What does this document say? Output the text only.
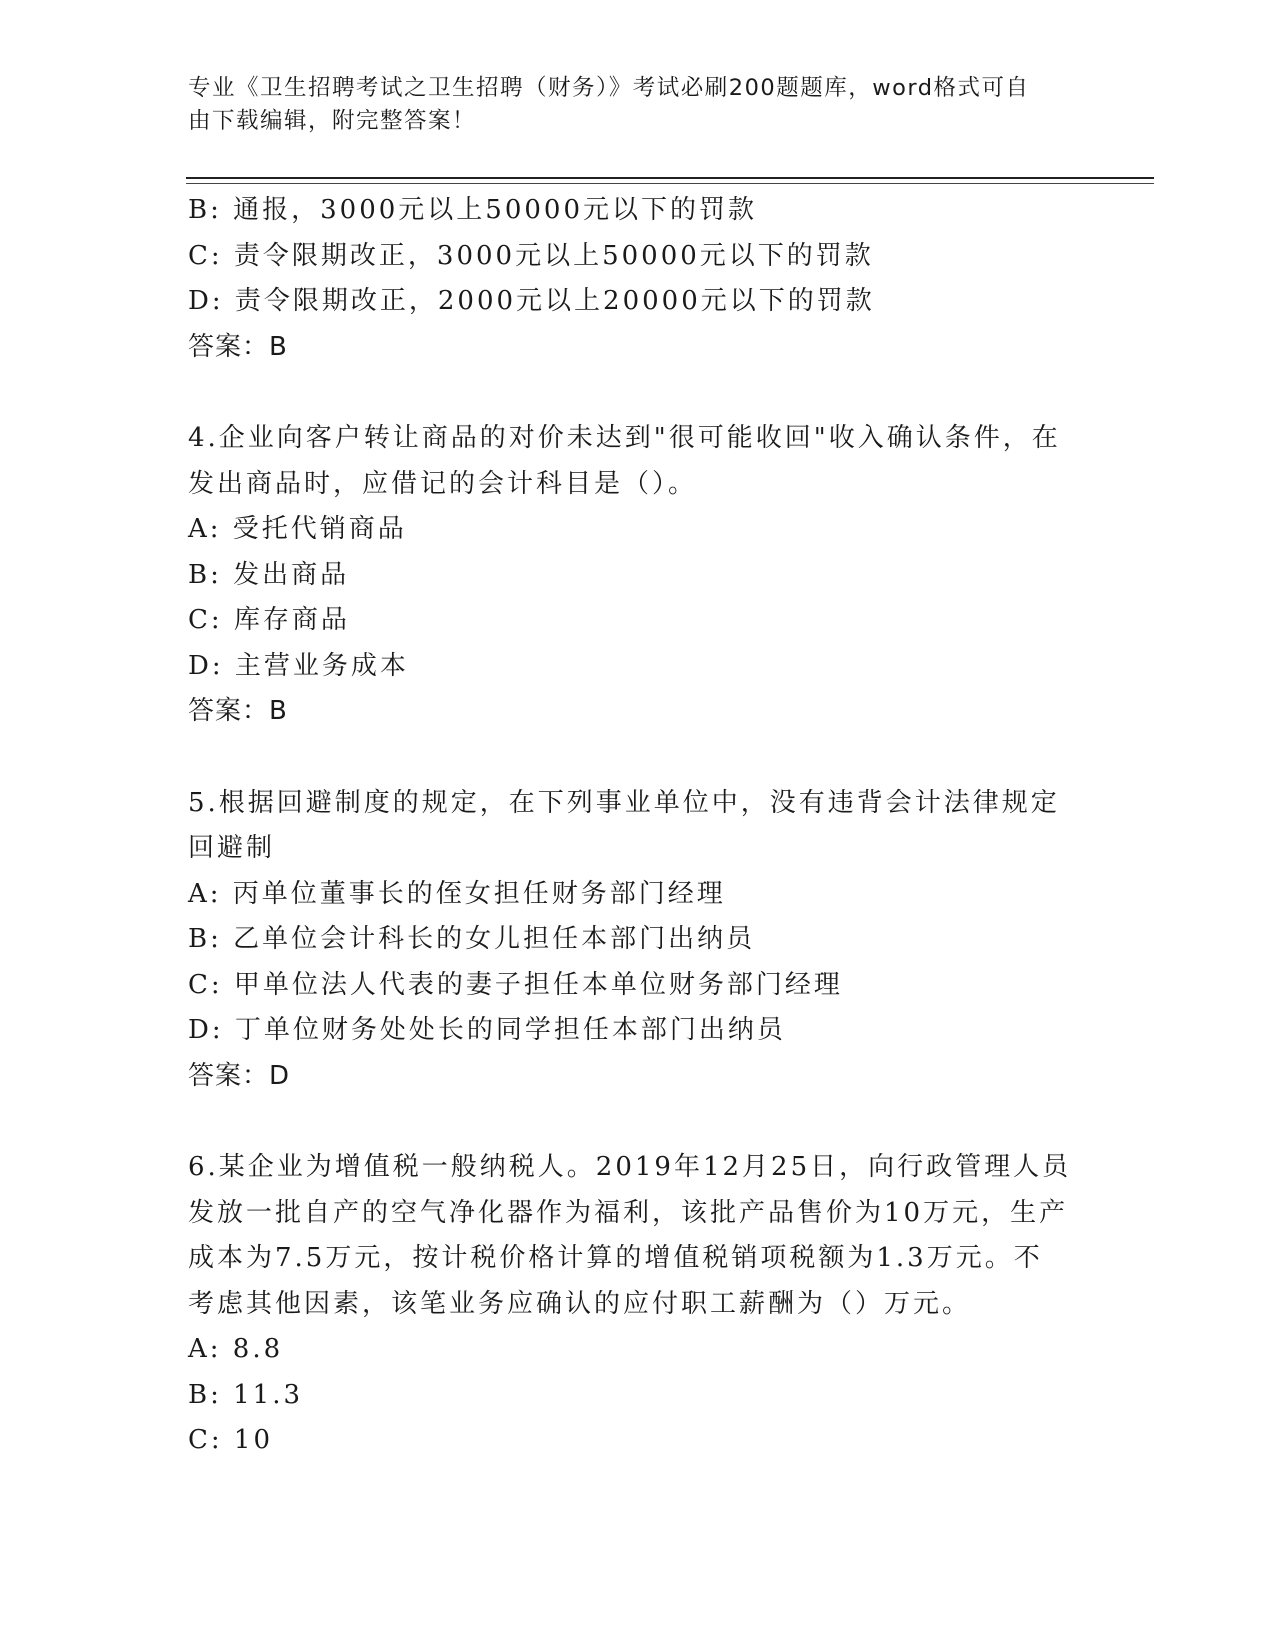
专业《卫生招聘考试之卫生招聘（财务）》考试必刷200题题库，word格式可自
由下载编辑，附完整答案！
B: 通报，3000元以上50000元以下的罚款
C: 责令限期改正，3000元以上50000元以下的罚款
D: 责令限期改正，2000元以上20000元以下的罚款
答案：B
4.企业向客户转让商品的对价未达到"很可能收回"收入确认条件，在
发出商品时，应借记的会计科目是（）。
A: 受托代销商品
B: 发出商品
C: 库存商品
D: 主营业务成本
答案：B
5.根据回避制度的规定，在下列事业单位中，没有违背会计法律规定
回避制
A: 丙单位董事长的侄女担任财务部门经理
B: 乙单位会计科长的女儿担任本部门出纳员
C: 甲单位法人代表的妻子担任本单位财务部门经理
D: 丁单位财务处处长的同学担任本部门出纳员
答案：D
6.某企业为增值税一般纳税人。2019年12月25日，向行政管理人员
发放一批自产的空气净化器作为福利，该批产品售价为10万元，生产
成本为7.5万元，按计税价格计算的增值税销项税额为1.3万元。不
考虑其他因素，该笔业务应确认的应付职工薪酬为（）万元。
A: 8.8
B: 11.3
C: 10
